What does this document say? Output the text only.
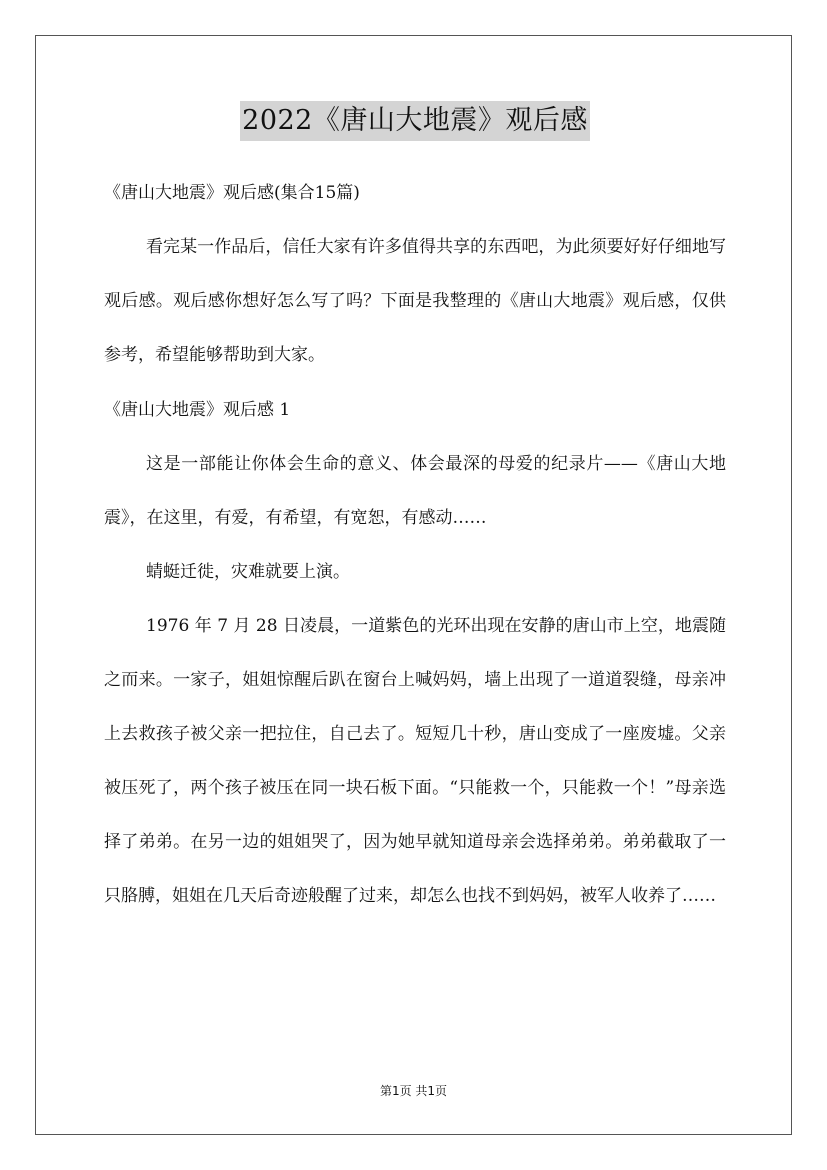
2022《唐山大地震》观后感
《唐山大地震》观后感(集合15篇)

看完某一作品后，信任大家有许多值得共享的东西吧，为此须要好好仔细地写观后感。观后感你想好怎么写了吗？下面是我整理的《唐山大地震》观后感，仅供参考，希望能够帮助到大家。

《唐山大地震》观后感 1

这是一部能让你体会生命的意义、体会最深的母爱的纪录片——《唐山大地震》，在这里，有爱，有希望，有宽恕，有感动……

蜻蜓迁徙，灾难就要上演。

1976 年 7 月 28 日凌晨，一道紫色的光环出现在安静的唐山市上空，地震随之而来。一家子，姐姐惊醒后趴在窗台上喊妈妈，墙上出现了一道道裂缝，母亲冲上去救孩子被父亲一把拉住，自己去了。短短几十秒，唐山变成了一座废墟。父亲被压死了，两个孩子被压在同一块石板下面。“只能救一个，只能救一个！”母亲选择了弟弟。在另一边的姐姐哭了，因为她早就知道母亲会选择弟弟。弟弟截取了一只胳膊，姐姐在几天后奇迹般醒了过来，却怎么也找不到妈妈，被军人收养了……

第1页 共1页
